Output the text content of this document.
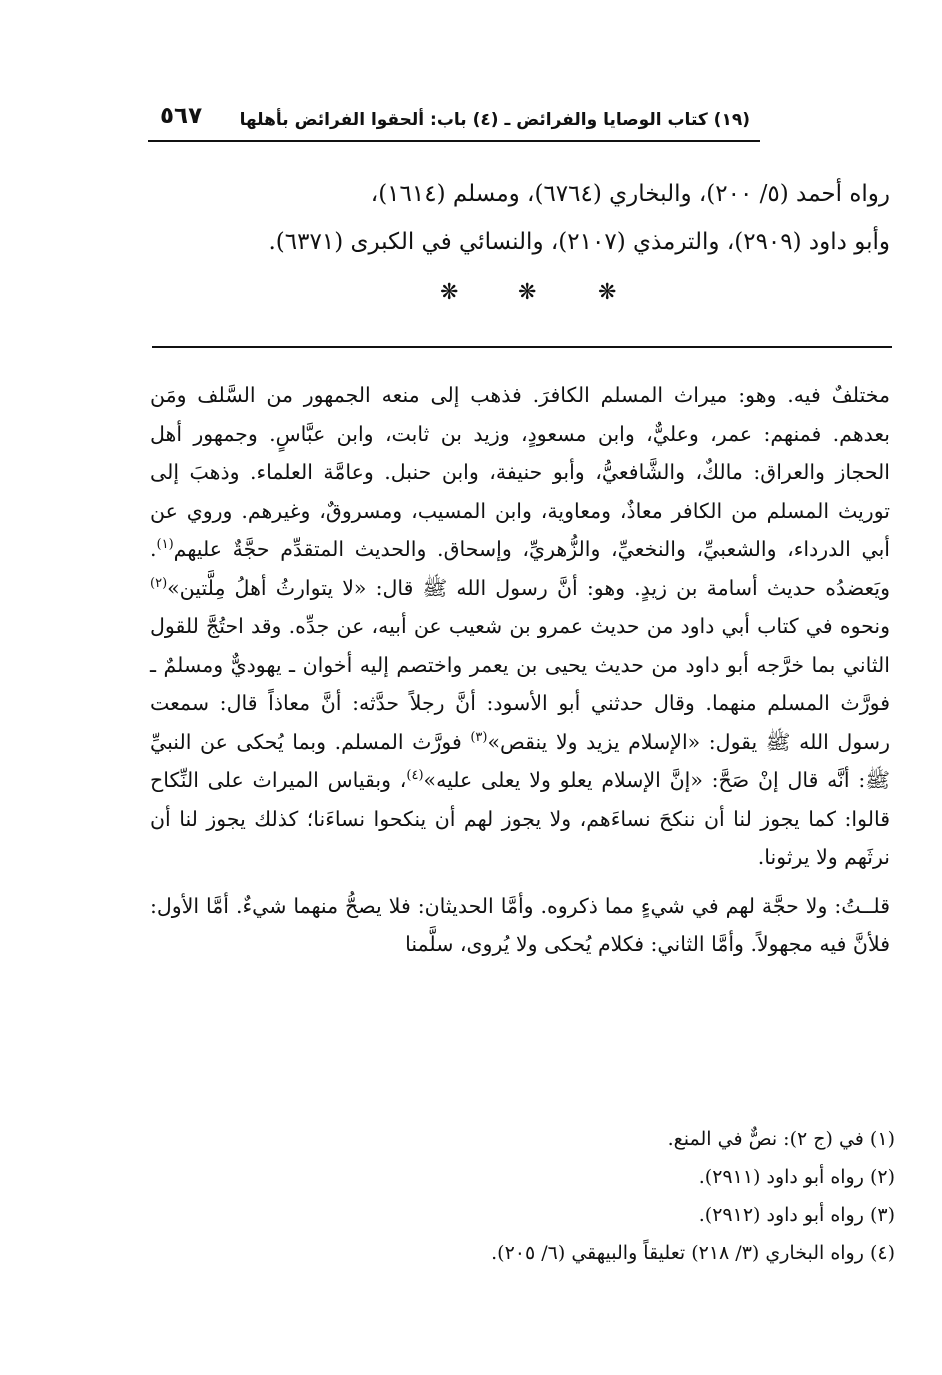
(١٩) كتاب الوصايا والفرائض ـ (٤) باب: ألحقوا الفرائض بأهلها
٥٦٧

رواه أحمد (٥/ ٢٠٠)، والبخاري (٦٧٦٤)، ومسلم (١٦١٤)،

وأبو داود (٢٩٠٩)، والترمذي (٢١٠٧)، والنسائي في الكبرى (٦٣٧١).

❋	❋	❋

مختلفٌ فيه. وهو: ميراث المسلم الكافرَ. فذهب إلى منعه الجمهور من السَّلف ومَن بعدهم. فمنهم: عمر، وعليٌّ، وابن مسعودٍ، وزيد بن ثابت، وابن عبَّاسٍ. وجمهور أهل الحجاز والعراق: مالكٌ، والشَّافعيُّ، وأبو حنيفة، وابن حنبل. وعامَّة العلماء. وذهبَ إلى توريث المسلم من الكافر معاذٌ، ومعاوية، وابن المسيب، ومسروقٌ، وغيرهم. وروي عن أبي الدرداء، والشعبيِّ، والنخعيِّ، والزُّهريِّ، وإسحاق. والحديث المتقدِّم حجَّةٌ عليهم$^{(١)}$. ويَعضدُه حديث أسامة بن زيدٍ. وهو: أنَّ رسول الله ﷺ قال: «لا يتوارثُ أهلُ مِلَّتين»$^{(٢)}$ ونحوه في كتاب أبي داود من حديث عمرو بن شعيب عن أبيه، عن جدِّه. وقد احتُجَّ للقول الثاني بما خرَّجه أبو داود من حديث يحيى بن يعمر واختصم إليه أخوان ـ يهوديٌّ ومسلمٌ ـ فورَّث المسلم منهما. وقال حدثني أبو الأسود: أنَّ رجلاً حدَّثه: أنَّ معاذاً قال: سمعت رسول الله ﷺ يقول: «الإسلام يزيد ولا ينقص»$^{(٣)}$ فورَّث المسلم. وبما يُحكى عن النبيِّ ﷺ: أنَّه قال إنْ صَحَّ: «إنَّ الإسلام يعلو ولا يعلى عليه»$^{(٤)}$، وبقياس الميراث على النِّكاح قالوا: كما يجوز لنا أن ننكحَ نساءَهم، ولا يجوز لهم أن ينكحوا نساءَنا؛ كذلك يجوز لنا أن نرثَهم ولا يرثونا.

قلــتُ: ولا حجَّة لهم في شيءٍ مما ذكروه. وأمَّا الحديثان: فلا يصحُّ منهما شيءٌ. أمَّا الأول: فلأنَّ فيه مجهولاً. وأمَّا الثاني: فكلام يُحكى ولا يُروى، سلَّمنا

(١) في (ج ٢): نصٌّ في المنع.
(٢) رواه أبو داود (٢٩١١).
(٣) رواه أبو داود (٢٩١٢).
(٤) رواه البخاري (٣/ ٢١٨) تعليقاً والبيهقي (٦/ ٢٠٥).
